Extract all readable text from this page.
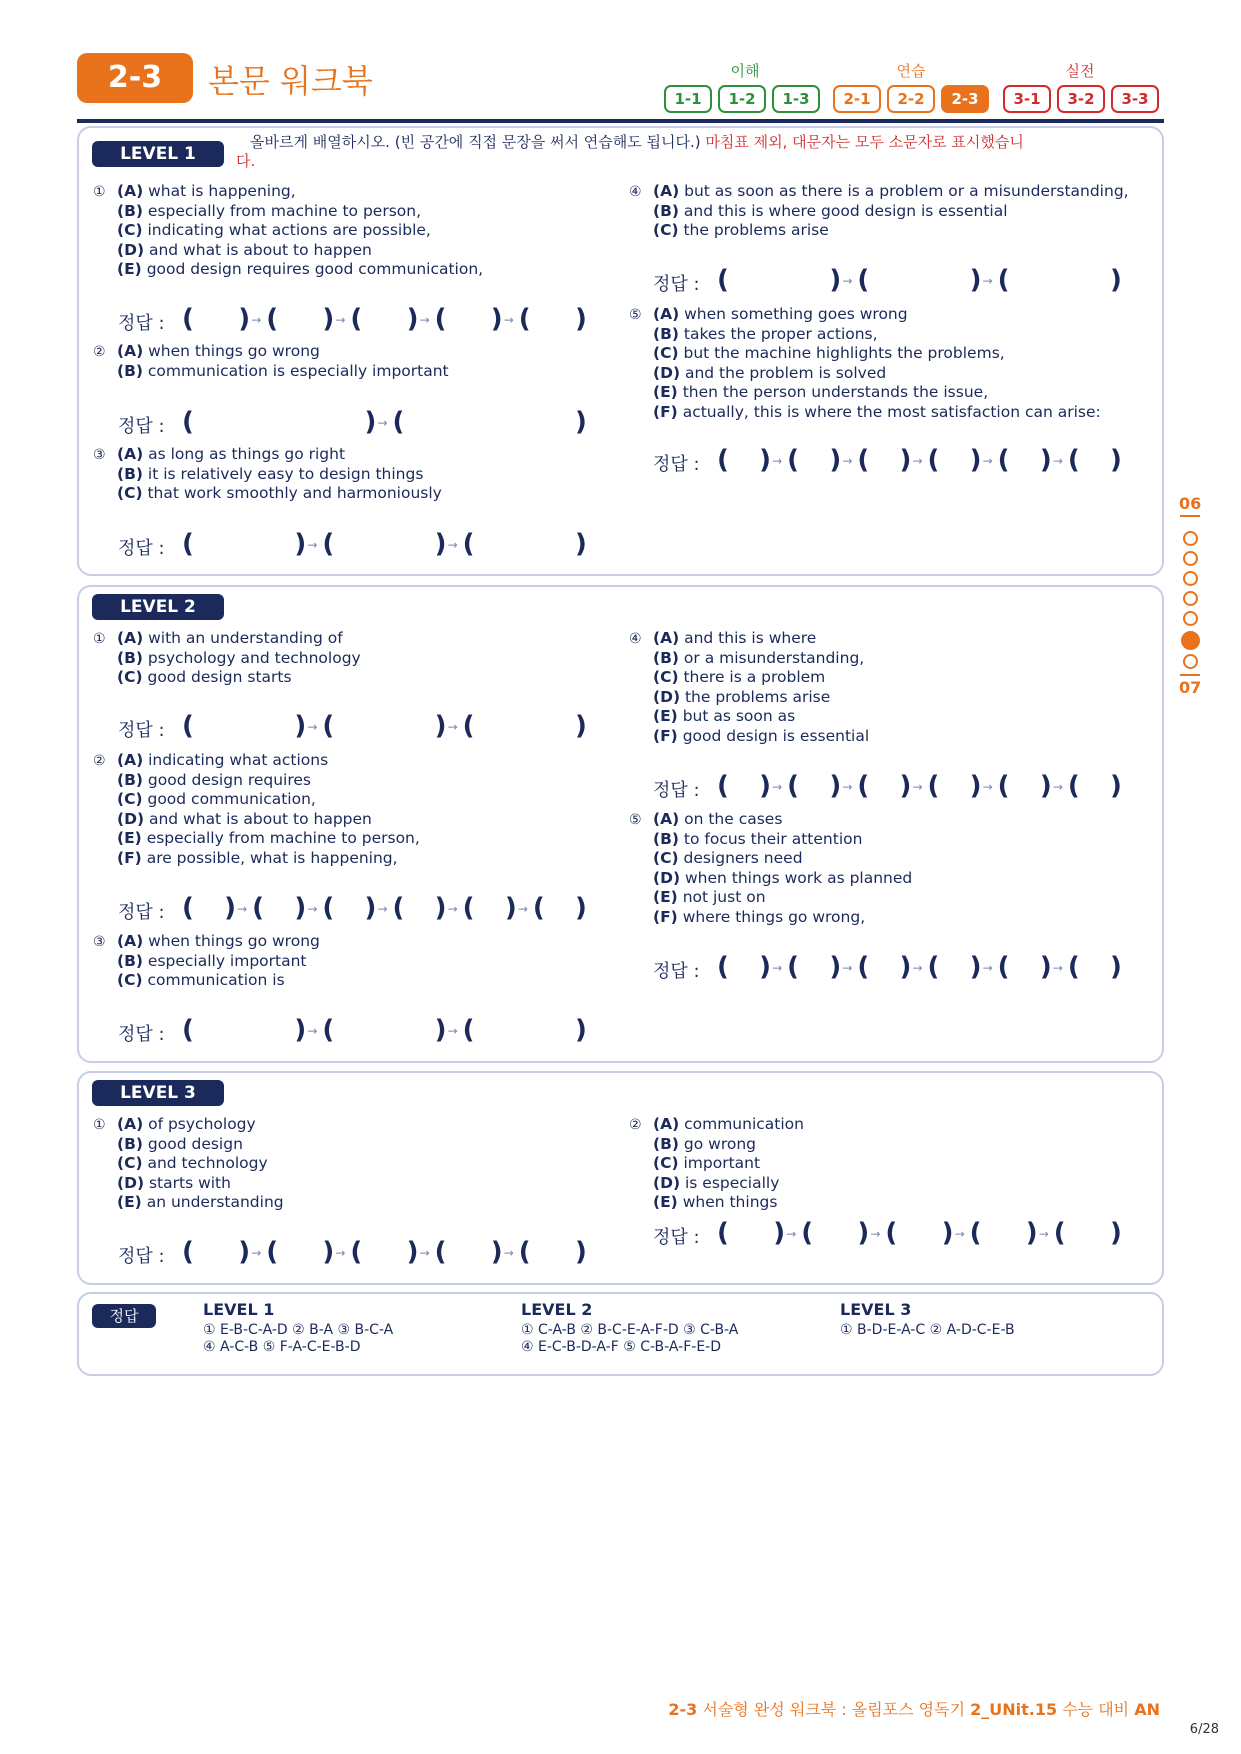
2-3	본문 워크북	이해	연습	실전
1-1	1-2	1-3	2-1	2-2	2-3	3-1	3-2	3-3
LEVEL 1
올바르게 배열하시오. (빈 공간에 직접 문장을 써서 연습해도 됩니다.) 마침표 제외, 대문자는 모두 소문자로 표시했습니
다.
① (A) what is happening,
(B) especially from machine to person,
(C) indicating what actions are possible,
(D) and what is about to happen
(E) good design requires good communication,
정답 : ( ) → ( ) → ( ) → ( ) → ( )
② (A) when things go wrong
(B) communication is especially important
정답 : (	) → (	)
③ (A) as long as things go right
(B) it is relatively easy to design things
(C) that work smoothly and harmoniously
정답 : (	) → (	) → (	)
④ (A) but as soon as there is a problem or a misunderstanding,
(B) and this is where good design is essential
(C) the problems arise
정답 : (	) → (	) → (	)
⑤ (A) when something goes wrong
(B) takes the proper actions,
(C) but the machine highlights the problems,
(D) and the problem is solved
(E) then the person understands the issue,
(F) actually, this is where the most satisfaction can arise:
정답 : ( ) → ( ) → ( ) → ( ) → ( ) → ( )
LEVEL 2
① (A) with an understanding of
(B) psychology and technology
(C) good design starts
정답 : (	) → (	) → (	)
② (A) indicating what actions
(B) good design requires
(C) good communication,
(D) and what is about to happen
(E) especially from machine to person,
(F) are possible, what is happening,
정답 : ( ) → ( ) → ( ) → ( ) → ( ) → ( )
③ (A) when things go wrong
(B) especially important
(C) communication is
정답 : (	) → (	) → (	)
④ (A) and this is where
(B) or a misunderstanding,
(C) there is a problem
(D) the problems arise
(E) but as soon as
(F) good design is essential
정답 : ( ) → ( ) → ( ) → ( ) → ( ) → ( )
⑤ (A) on the cases
(B) to focus their attention
(C) designers need
(D) when things work as planned
(E) not just on
(F) where things go wrong,
정답 : ( ) → ( ) → ( ) → ( ) → ( ) → ( )
LEVEL 3
① (A) of psychology
(B) good design
(C) and technology
(D) starts with
(E) an understanding
정답 : ( ) → ( ) → ( ) → ( ) → ( )
② (A) communication
(B) go wrong
(C) important
(D) is especially
(E) when things
정답 : ( ) → ( ) → ( ) → ( ) → ( )
정답	LEVEL 1
① E-B-C-A-D ② B-A ③ B-C-A
④ A-C-B ⑤ F-A-C-E-B-D
LEVEL 2
① C-A-B ② B-C-E-A-F-D ③ C-B-A
④ E-C-B-D-A-F ⑤ C-B-A-F-E-D
LEVEL 3
① B-D-E-A-C ② A-D-C-E-B
06
07
2-3 서술형 완성 워크북 : 올림포스 영독기 2_UNit.15 수능 대비 AN
6/28
